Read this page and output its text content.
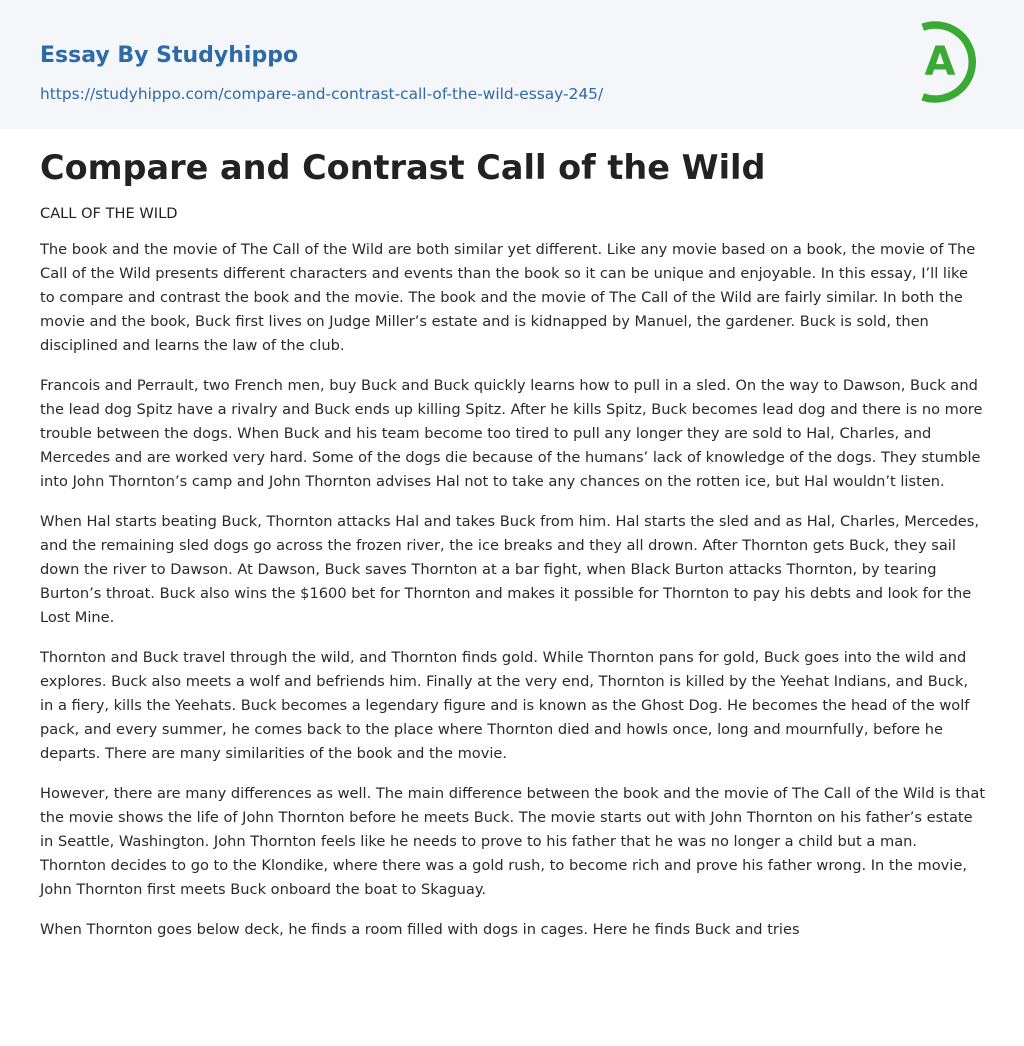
Essay By Studyhippo
https://studyhippo.com/compare-and-contrast-call-of-the-wild-essay-245/
A
Compare and Contrast Call of the Wild
CALL OF THE WILD

The book and the movie of The Call of the Wild are both similar yet different. Like any movie based on a book, the movie of The Call of the Wild presents different characters and events than the book so it can be unique and enjoyable. In this essay, I’ll like to compare and contrast the book and the movie. The book and the movie of The Call of the Wild are fairly similar. In both the movie and the book, Buck first lives on Judge Miller’s estate and is kidnapped by Manuel, the gardener. Buck is sold, then disciplined and learns the law of the club.

Francois and Perrault, two French men, buy Buck and Buck quickly learns how to pull in a sled. On the way to Dawson, Buck and the lead dog Spitz have a rivalry and Buck ends up killing Spitz. After he kills Spitz, Buck becomes lead dog and there is no more trouble between the dogs. When Buck and his team become too tired to pull any longer they are sold to Hal, Charles, and Mercedes and are worked very hard. Some of the dogs die because of the humans’ lack of knowledge of the dogs. They stumble into John Thornton’s camp and John Thornton advises Hal not to take any chances on the rotten ice, but Hal wouldn’t listen.

When Hal starts beating Buck, Thornton attacks Hal and takes Buck from him. Hal starts the sled and as Hal, Charles, Mercedes, and the remaining sled dogs go across the frozen river, the ice breaks and they all drown. After Thornton gets Buck, they sail down the river to Dawson. At Dawson, Buck saves Thornton at a bar fight, when Black Burton attacks Thornton, by tearing Burton’s throat. Buck also wins the $1600 bet for Thornton and makes it possible for Thornton to pay his debts and look for the Lost Mine.

Thornton and Buck travel through the wild, and Thornton finds gold. While Thornton pans for gold, Buck goes into the wild and explores. Buck also meets a wolf and befriends him. Finally at the very end, Thornton is killed by the Yeehat Indians, and Buck, in a fiery, kills the Yeehats. Buck becomes a legendary figure and is known as the Ghost Dog. He becomes the head of the wolf pack, and every summer, he comes back to the place where Thornton died and howls once, long and mournfully, before he departs. There are many similarities of the book and the movie.

However, there are many differences as well. The main difference between the book and the movie of The Call of the Wild is that the movie shows the life of John Thornton before he meets Buck. The movie starts out with John Thornton on his father’s estate in Seattle, Washington. John Thornton feels like he needs to prove to his father that he was no longer a child but a man. Thornton decides to go to the Klondike, where there was a gold rush, to become rich and prove his father wrong. In the movie, John Thornton first meets Buck onboard the boat to Skaguay.

When Thornton goes below deck, he finds a room filled with dogs in cages. Here he finds Buck and tries
